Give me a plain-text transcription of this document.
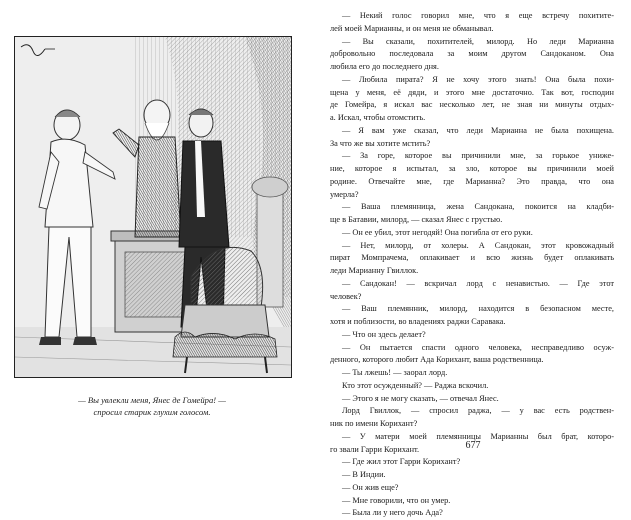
— Вы увлекли меня, Янес де Гомейра! —
спросил старик глухим голосом.
— Некий голос говорил мне, что я еще встречу похитите-
лей моей Марианны, и он меня не обманывал.
— Вы сказали, похитителей, милорд. Но леди Марианна
добровольно последовала за моим другом Сандоканом. Она
любила его до последнего дня.
— Любила пирата? Я не хочу этого знать! Она была похи-
щена у меня, её дяди, и этого мне достаточно. Так вот, господин
де Гомейра, я искал вас несколько лет, не зная ни минуты отдых-
а. Искал, чтобы отомстить.
— Я вам уже сказал, что леди Марианна не была похищена.
За что же вы хотите мстить?
— За горе, которое вы причинили мне, за горькое униже-
ние, которое я испытал, за зло, которое вы причинили моей
родине. Отвечайте мне, где Марианна? Это правда, что она
умерла?
— Ваша племянница, жена Сандокана, покоится на кладби-
ще в Батавии, милорд, — сказал Янес с грустью.
— Он ее убил, этот негодяй! Она погибла от его руки.
— Нет, милорд, от холеры. А Сандокан, этот кровожадный
пират Момпрачема, оплакивает и всю жизнь будет оплакивать
леди Марианну Гвиллок.
— Сандокан! — вскричал лорд с ненавистью. — Где этот
человек?
— Ваш племянник, милорд, находится в безопасном месте,
хотя и поблизости, во владениях раджи Саравака.
— Что он здесь делает?
— Он пытается спасти одного человека, несправедливо осуж-
денного, которого любит Ада Корихант, ваша родственница.
— Ты лжешь! — заорал лорд.
Кто этот осужденный? — Раджа вскочил.
— Этого я не могу сказать, — отвечал Янес.
Лорд Гвиллок, — спросил раджа, — у вас есть родствен-
ник по имени Корихант?
— У матери моей племянницы Марианны был брат, которо-
го звали Гарри Корихант.
— Где жил этот Гарри Корихант?
— В Индии.
— Он жив еще?
— Мне говорили, что он умер.
— Была ли у него дочь Ада?
677
